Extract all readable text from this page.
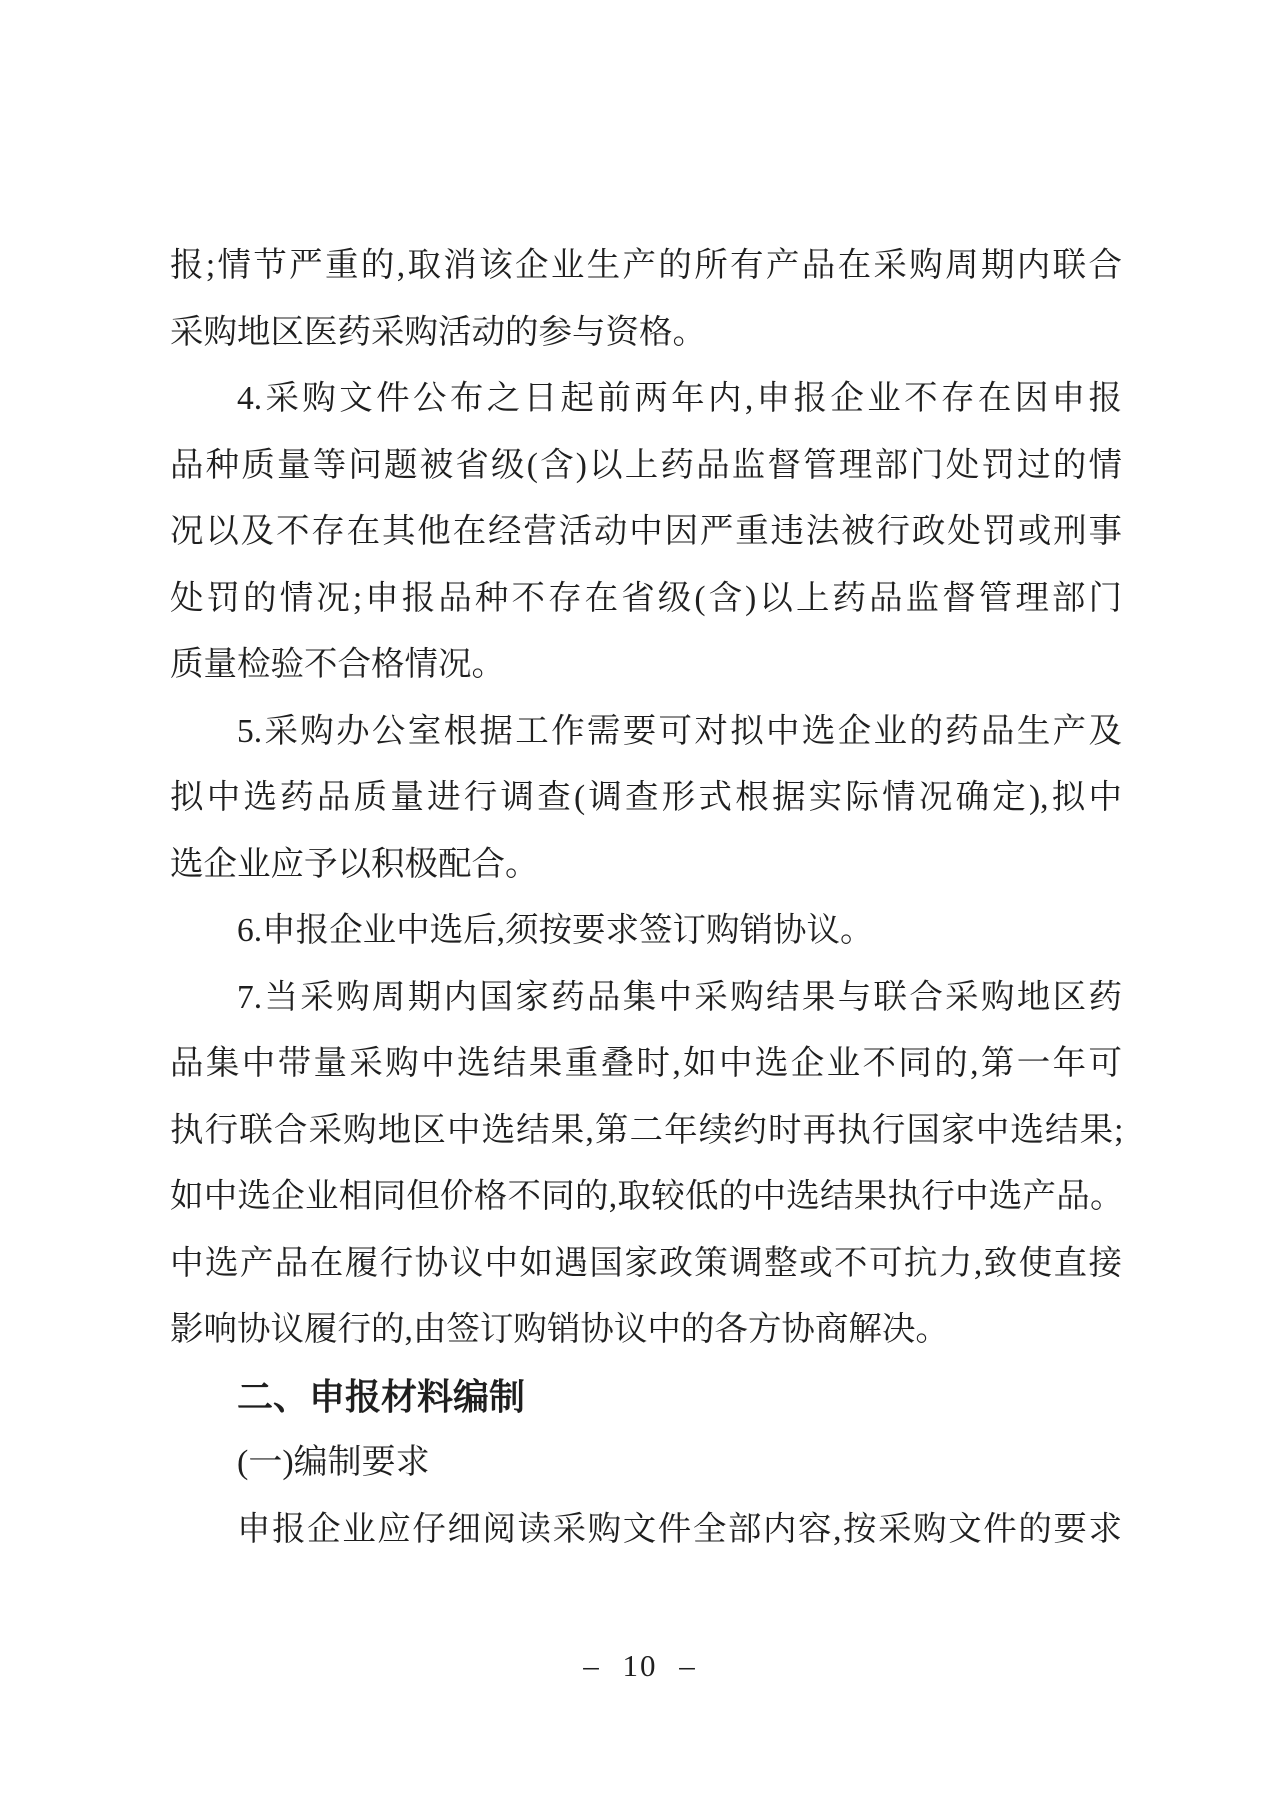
报;情节严重的,取消该企业生产的所有产品在采购周期内联合
采购地区医药采购活动的参与资格。
4.采购文件公布之日起前两年内,申报企业不存在因申报
品种质量等问题被省级(含)以上药品监督管理部门处罚过的情
况以及不存在其他在经营活动中因严重违法被行政处罚或刑事
处罚的情况;申报品种不存在省级(含)以上药品监督管理部门
质量检验不合格情况。
5.采购办公室根据工作需要可对拟中选企业的药品生产及
拟中选药品质量进行调查(调查形式根据实际情况确定),拟中
选企业应予以积极配合。
6.申报企业中选后,须按要求签订购销协议。
7.当采购周期内国家药品集中采购结果与联合采购地区药
品集中带量采购中选结果重叠时,如中选企业不同的,第一年可
执行联合采购地区中选结果,第二年续约时再执行国家中选结果;
如中选企业相同但价格不同的,取较低的中选结果执行中选产品。
中选产品在履行协议中如遇国家政策调整或不可抗力,致使直接
影响协议履行的,由签订购销协议中的各方协商解决。
二、申报材料编制
(一)编制要求
申报企业应仔细阅读采购文件全部内容,按采购文件的要求
– 10 –
